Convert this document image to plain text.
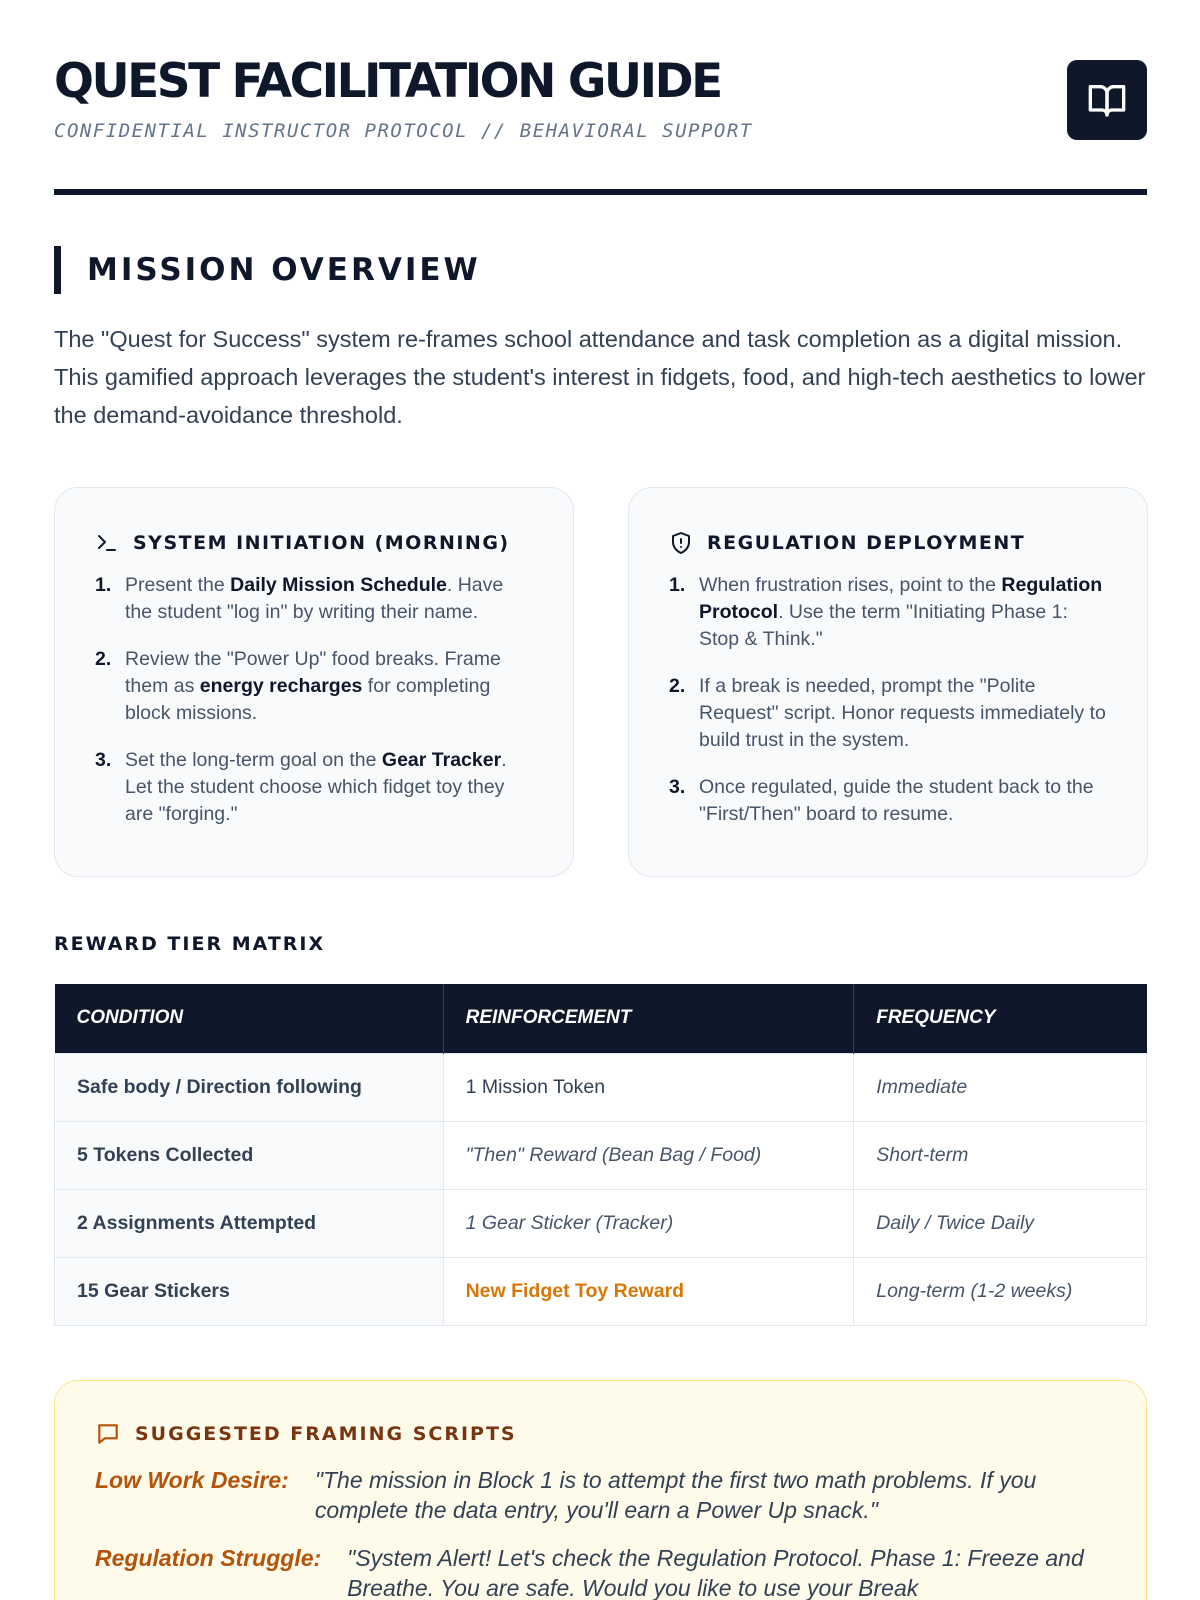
QUEST FACILITATION GUIDE
CONFIDENTIAL INSTRUCTOR PROTOCOL // BEHAVIORAL SUPPORT
MISSION OVERVIEW

The "Quest for Success" system re-frames school attendance and task completion as a digital mission. This gamified approach leverages the student's interest in fidgets, food, and high-tech aesthetics to lower the demand-avoidance threshold.

SYSTEM INITIATION (MORNING)
1. Present the Daily Mission Schedule. Have the student "log in" by writing their name.
2. Review the "Power Up" food breaks. Frame them as energy recharges for completing block missions.
3. Set the long-term goal on the Gear Tracker. Let the student choose which fidget toy they are "forging."
REGULATION DEPLOYMENT
1. When frustration rises, point to the Regulation Protocol. Use the term "Initiating Phase 1: Stop & Think."
2. If a break is needed, prompt the "Polite Request" script. Honor requests immediately to build trust in the system.
3. Once regulated, guide the student back to the "First/Then" board to resume.
REWARD TIER MATRIX
CONDITION	REINFORCEMENT	FREQUENCY
Safe body / Direction following	1 Mission Token	Immediate
5 Tokens Collected	"Then" Reward (Bean Bag / Food)	Short-term
2 Assignments Attempted	1 Gear Sticker (Tracker)	Daily / Twice Daily
15 Gear Stickers	New Fidget Toy Reward	Long-term (1-2 weeks)
SUGGESTED FRAMING SCRIPTS
Low Work Desire: "The mission in Block 1 is to attempt the first two math problems. If you complete the data entry, you'll earn a Power Up snack."
Regulation Struggle: "System Alert! Let's check the Regulation Protocol. Phase 1: Freeze and Breathe. You are safe. Would you like to use your Break
